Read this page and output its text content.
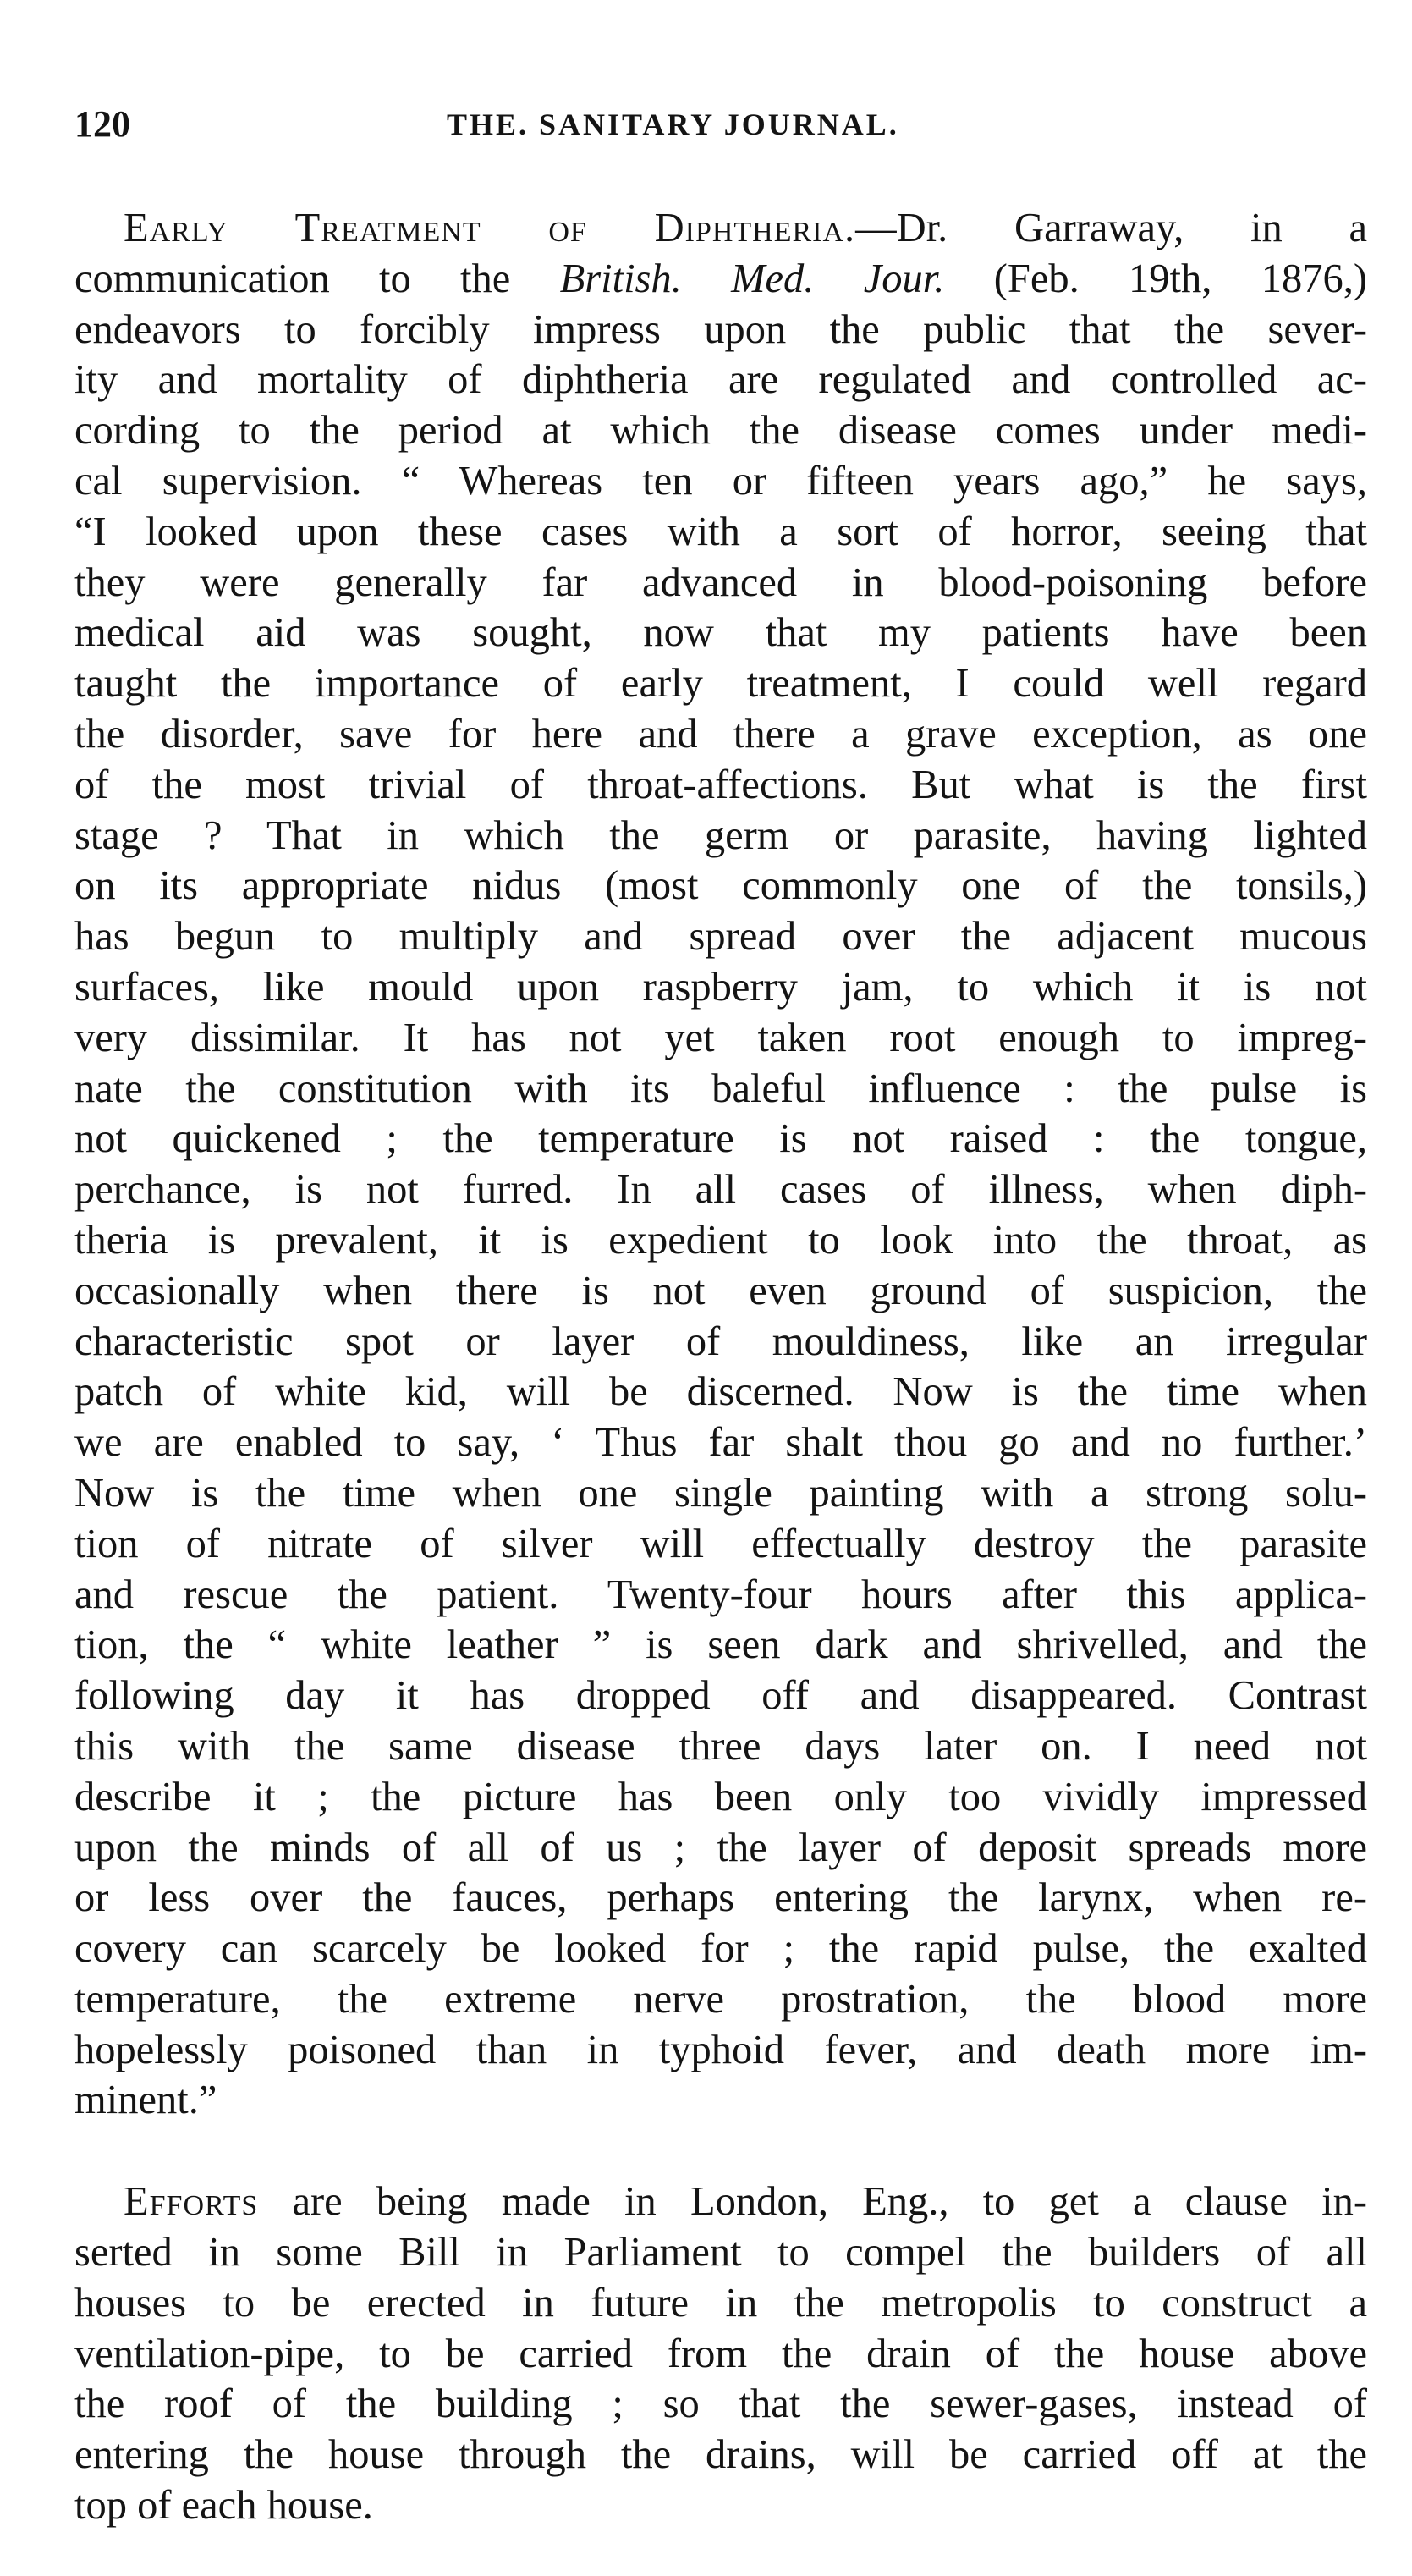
120	THE. SANITARY JOURNAL.
Early Treatment of Diphtheria.—Dr. Garraway, in a
communication to the British. Med. Jour. (Feb. 19th, 1876,)
endeavors to forcibly impress upon the public that the sever-
ity and mortality of diphtheria are regulated and controlled ac-
cording to the period at which the disease comes under medi-
cal supervision. “ Whereas ten or fifteen years ago,” he says,
“I looked upon these cases with a sort of horror, seeing that
they were generally far advanced in blood-poisoning before
medical aid was sought, now that my patients have been
taught the importance of early treatment, I could well regard
the disorder, save for here and there a grave exception, as one
of the most trivial of throat-affections. But what is the first
stage ? That in which the germ or parasite, having lighted
on its appropriate nidus (most commonly one of the tonsils,)
has begun to multiply and spread over the adjacent mucous
surfaces, like mould upon raspberry jam, to which it is not
very dissimilar. It has not yet taken root enough to impreg-
nate the constitution with its baleful influence : the pulse is
not quickened ; the temperature is not raised : the tongue,
perchance, is not furred. In all cases of illness, when diph-
theria is prevalent, it is expedient to look into the throat, as
occasionally when there is not even ground of suspicion, the
characteristic spot or layer of mouldiness, like an irregular
patch of white kid, will be discerned. Now is the time when
we are enabled to say, ‘ Thus far shalt thou go and no further.’
Now is the time when one single painting with a strong solu-
tion of nitrate of silver will effectually destroy the parasite
and rescue the patient. Twenty-four hours after this applica-
tion, the “ white leather ” is seen dark and shrivelled, and the
following day it has dropped off and disappeared. Contrast
this with the same disease three days later on. I need not
describe it ; the picture has been only too vividly impressed
upon the minds of all of us ; the layer of deposit spreads more
or less over the fauces, perhaps entering the larynx, when re-
covery can scarcely be looked for ; the rapid pulse, the exalted
temperature, the extreme nerve prostration, the blood more
hopelessly poisoned than in typhoid fever, and death more im-
minent.”
Efforts are being made in London, Eng., to get a clause in-
serted in some Bill in Parliament to compel the builders of all
houses to be erected in future in the metropolis to construct a
ventilation-pipe, to be carried from the drain of the house above
the roof of the building ; so that the sewer-gases, instead of
entering the house through the drains, will be carried off at the
top of each house.
